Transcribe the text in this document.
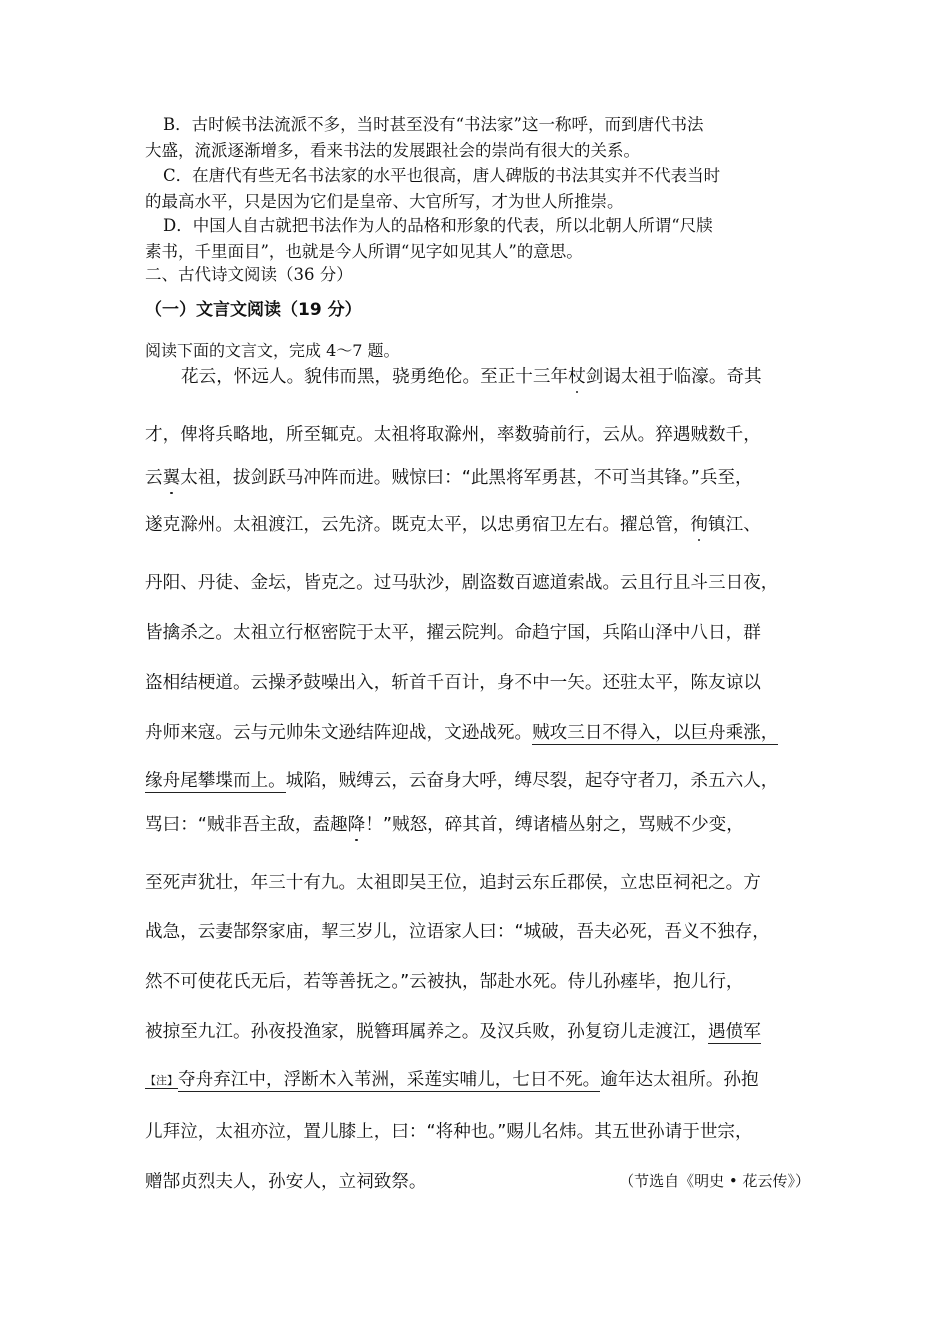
B．古时候书法流派不多，当时甚至没有“书法家”这一称呼，而到唐代书法
大盛，流派逐渐增多，看来书法的发展跟社会的崇尚有很大的关系。
C．在唐代有些无名书法家的水平也很高，唐人碑版的书法其实并不代表当时
的最高水平，只是因为它们是皇帝、大官所写，才为世人所推崇。
D．中国人自古就把书法作为人的品格和形象的代表，所以北朝人所谓“尺牍
素书，千里面目”，也就是今人所谓“见字如见其人”的意思。
二、古代诗文阅读（36 分）
（一）文言文阅读（19 分）
阅读下面的文言文，完成 4～7 题。
花云，怀远人。貌伟而黑，骁勇绝伦。至正十三年杖剑谒太祖于临濠。奇其
才，俾将兵略地，所至辄克。太祖将取滁州，率数骑前行，云从。猝遇贼数千，
云翼太祖，拔剑跃马冲阵而进。贼惊曰：“此黑将军勇甚，不可当其锋。”兵至，
遂克滁州。太祖渡江，云先济。既克太平，以忠勇宿卫左右。擢总管，徇镇江、
丹阳、丹徒、金坛，皆克之。过马驮沙，剧盗数百遮道索战。云且行且斗三日夜，
皆擒杀之。太祖立行枢密院于太平，擢云院判。命趋宁国，兵陷山泽中八日，群
盗相结梗道。云操矛鼓噪出入，斩首千百计，身不中一矢。还驻太平，陈友谅以
舟师来寇。云与元帅朱文逊结阵迎战，文逊战死。贼攻三日不得入，以巨舟乘涨，
缘舟尾攀堞而上。城陷，贼缚云，云奋身大呼，缚尽裂，起夺守者刀，杀五六人，
骂曰：“贼非吾主敌，盍趣降！”贼怒，碎其首，缚诸樯丛射之，骂贼不少变，
至死声犹壮，年三十有九。太祖即吴王位，追封云东丘郡侯，立忠臣祠祀之。方
战急，云妻郜祭家庙，挈三岁儿，泣语家人曰：“城破，吾夫必死，吾义不独存，
然不可使花氏无后，若等善抚之。”云被执，郜赴水死。侍儿孙瘗毕，抱儿行，
被掠至九江。孙夜投渔家，脱簪珥属养之。及汉兵败，孙复窃儿走渡江，遇偾军
【注】夺舟弃江中，浮断木入苇洲，采莲实哺儿，七日不死。逾年达太祖所。孙抱
儿拜泣，太祖亦泣，置儿膝上，曰：“将种也。”赐儿名炜。其五世孙请于世宗，
赠郜贞烈夫人，孙安人，立祠致祭。	（节选自《明史 • 花云传》）
